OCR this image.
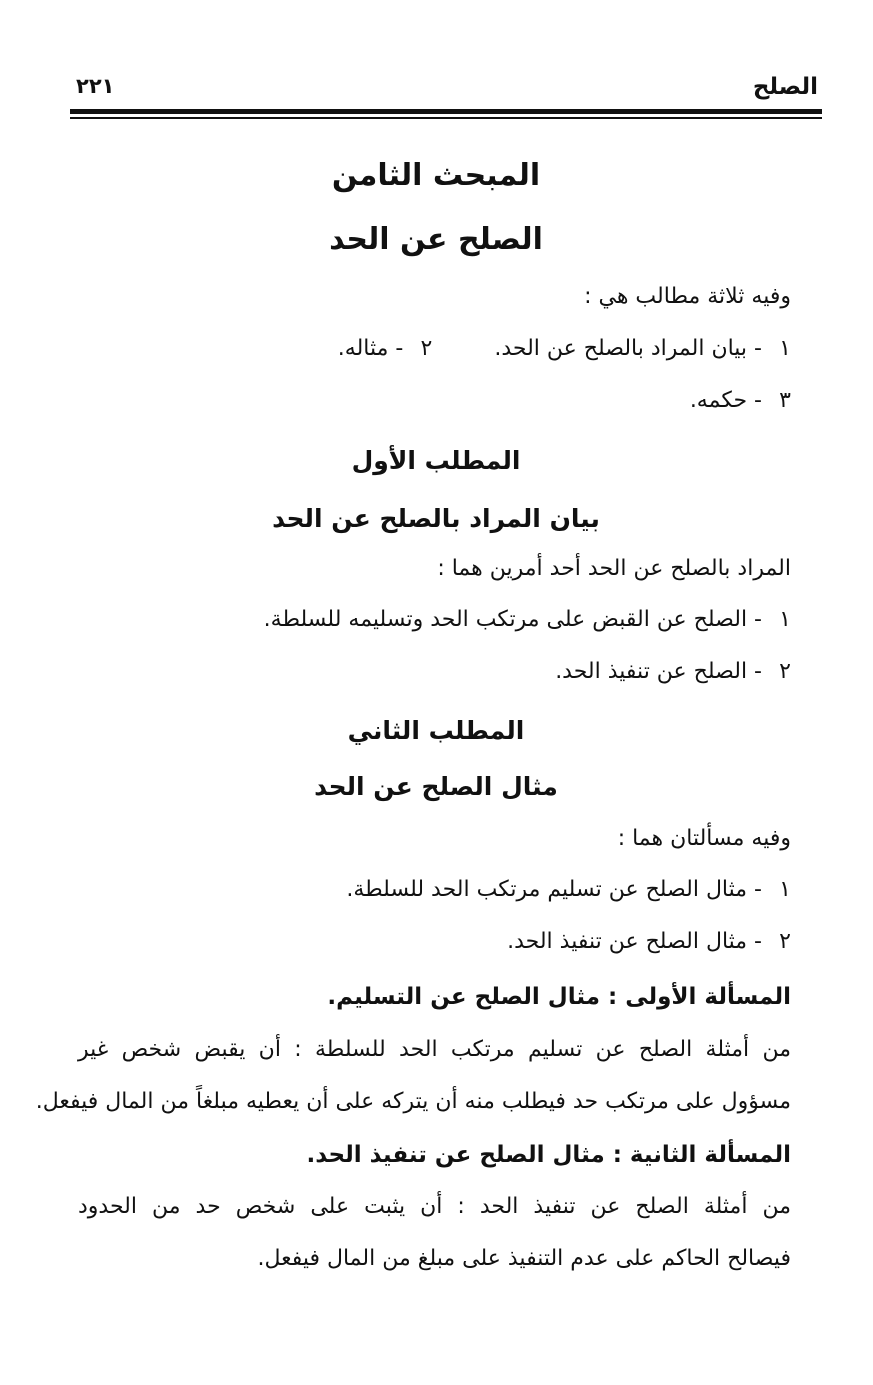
الصلح
٢٢١
المبحث الثامن
الصلح عن الحد
وفيه ثلاثة مطالب هي :
١ - بيان المراد بالصلح عن الحد.  ٢ - مثاله.
٣ - حكمه.
المطلب الأول
بيان المراد بالصلح عن الحد
المراد بالصلح عن الحد أحد أمرين هما :
١ - الصلح عن القبض على مرتكب الحد وتسليمه للسلطة.
٢ - الصلح عن تنفيذ الحد.
المطلب الثاني
مثال الصلح عن الحد
وفيه مسألتان هما :
١ - مثال الصلح عن تسليم مرتكب الحد للسلطة.
٢ - مثال الصلح عن تنفيذ الحد.
المسألة الأولى : مثال الصلح عن التسليم.
من أمثلة الصلح عن تسليم مرتكب الحد للسلطة : أن يقبض شخص غير
مسؤول على مرتكب حد فيطلب منه أن يتركه على أن يعطيه مبلغاً من المال فيفعل.
المسألة الثانية : مثال الصلح عن تنفيذ الحد.
من أمثلة الصلح عن تنفيذ الحد : أن يثبت على شخص حد من الحدود
فيصالح الحاكم على عدم التنفيذ على مبلغ من المال فيفعل.
